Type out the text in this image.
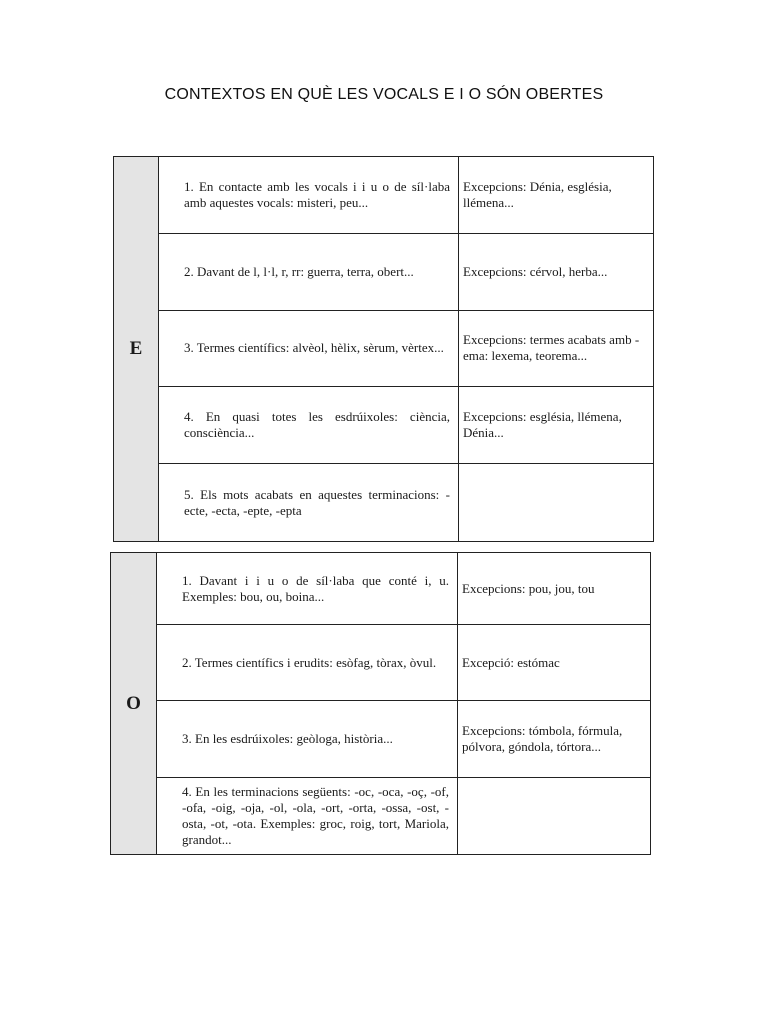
CONTEXTOS EN QUÈ LES VOCALS E I O SÓN OBERTES
E
1. En contacte amb les vocals i i u o de síl·laba amb aquestes vocals: misteri, peu...
Excepcions: Dénia, església, llémena...
2. Davant de l, l·l, r, rr: guerra, terra, obert...	Excepcions: cérvol, herba...
3. Termes científics: alvèol, hèlix, sèrum, vèrtex...
Excepcions: termes acabats amb -ema: lexema, teorema...
4. En quasi totes les esdrúixoles: ciència, consciència...
Excepcions: església, llémena, Dénia...
5. Els mots acabats en aquestes terminacions: -ecte, -ecta, -epte, -epta
O
1. Davant i i u o de síl·laba que conté i, u. Exemples: bou, ou, boina...
Excepcions: pou, jou, tou
2. Termes científics i erudits: esòfag, tòrax, òvul. Excepció: estómac
3. En les esdrúixoles: geòloga, història...
Excepcions: tómbola, fórmula, pólvora, góndola, tórtora...
4. En les terminacions següents: -oc, -oca, -oç, -of, -ofa, -oig, -oja, -ol, -ola, -ort, -orta, -ossa, -ost, -osta, -ot, -ota. Exemples: groc, roig, tort, Mariola, grandot...
